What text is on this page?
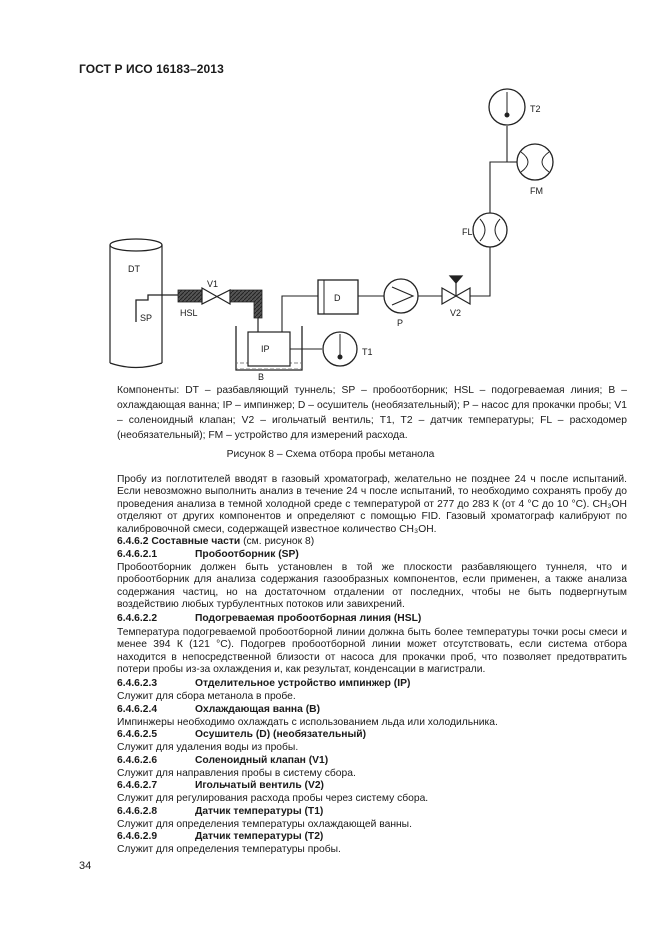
ГОСТ Р ИСО 16183–2013
DT
SP	HSL
V1
IP
B
T1
D
P
V2
FL
FM
T2

Компоненты: DT – разбавляющий туннель; SP – пробоотборник; HSL – подогреваемая линия; B – охлаждающая ванна; IP – импинжер; D – осушитель (необязательный); P – насос для прокачки пробы; V1 – соленоидный клапан; V2 – игольчатый вентиль; T1, T2 – датчик температуры; FL – расходомер (необязательный); FM – устройство для измерений расхода.

Рисунок 8 – Схема отбора пробы метанола

Пробу из поглотителей вводят в газовый хроматограф, желательно не позднее 24 ч после испытаний. Если невозможно выполнить анализ в течение 24 ч после испытаний, то необходимо сохранять пробу до проведения анализа в темной холодной среде с температурой от 277 до 283 К (от 4 °С до 10 °С). CH₃OH отделяют от других компонентов и определяют с помощью FID. Газовый хроматограф калибруют по калибровочной смеси, содержащей известное количество CH₃OH.

6.4.6.2 Составные части (см. рисунок 8)
6.4.6.2.1	Пробоотборник (SP)

Пробоотборник должен быть установлен в той же плоскости разбавляющего туннеля, что и пробоотборник для анализа содержания газообразных компонентов, если применен, а также анализа содержания частиц, но на достаточном отдалении от последних, чтобы не быть подвергнутым воздействию любых турбулентных потоков или завихрений.

6.4.6.2.2	Подогреваемая пробоотборная линия (HSL)

Температура подогреваемой пробоотборной линии должна быть более температуры точки росы смеси и менее 394 К (121 °С). Подогрев пробоотборной линии может отсутствовать, если система отбора находится в непосредственной близости от насоса для прокачки проб, что позволяет предотвратить потери пробы из-за охлаждения и, как результат, конденсации в магистрали.

6.4.6.2.3	Отделительное устройство импинжер (IP)
Служит для сбора метанола в пробе.
6.4.6.2.4	Охлаждающая ванна (B)
Импинжеры необходимо охлаждать с использованием льда или холодильника.
6.4.6.2.5	Осушитель (D) (необязательный)
Служит для удаления воды из пробы.
6.4.6.2.6	Соленоидный клапан (V1)
Служит для направления пробы в систему сбора.
6.4.6.2.7	Игольчатый вентиль (V2)
Служит для регулирования расхода пробы через систему сбора.
6.4.6.2.8	Датчик температуры (T1)
Служит для определения температуры охлаждающей ванны.
6.4.6.2.9	Датчик температуры (T2)
Служит для определения температуры пробы.
34
